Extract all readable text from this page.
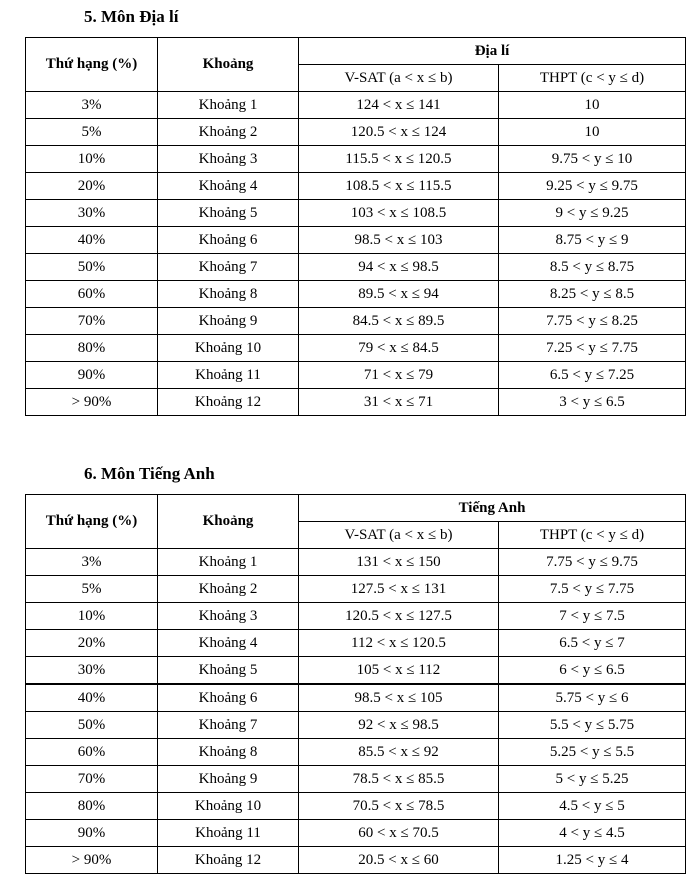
5. Môn Địa lí
Thứ hạng (%)	Khoảng	Địa lí	
		V-SAT (a < x ≤ b)	THPT (c < y ≤ d)
3%	Khoảng 1	124 < x ≤ 141	10
5%	Khoảng 2	120.5 < x ≤ 124	10
10%	Khoảng 3	115.5 < x ≤ 120.5	9.75 < y ≤ 10
20%	Khoảng 4	108.5 < x ≤ 115.5	9.25 < y ≤ 9.75
30%	Khoảng 5	103 < x ≤ 108.5	9 < y ≤ 9.25
40%	Khoảng 6	98.5 < x ≤ 103	8.75 < y ≤ 9
50%	Khoảng 7	94 < x ≤ 98.5	8.5 < y ≤ 8.75
60%	Khoảng 8	89.5 < x ≤ 94	8.25 < y ≤ 8.5
70%	Khoảng 9	84.5 < x ≤ 89.5	7.75 < y ≤ 8.25
80%	Khoảng 10	79 < x ≤ 84.5	7.25 < y ≤ 7.75
90%	Khoảng 11	71 < x ≤ 79	6.5 < y ≤ 7.25
> 90%	Khoảng 12	31 < x ≤ 71	3 < y ≤ 6.5
6. Môn Tiếng Anh
Thứ hạng (%)	Khoảng	Tiếng Anh	
		V-SAT (a < x ≤ b)	THPT (c < y ≤ d)
3%	Khoảng 1	131 < x ≤ 150	7.75 < y ≤ 9.75
5%	Khoảng 2	127.5 < x ≤ 131	7.5 < y ≤ 7.75
10%	Khoảng 3	120.5 < x ≤ 127.5	7 < y ≤ 7.5
20%	Khoảng 4	112 < x ≤ 120.5	6.5 < y ≤ 7
30%	Khoảng 5	105 < x ≤ 112	6 < y ≤ 6.5
40%	Khoảng 6	98.5 < x ≤ 105	5.75 < y ≤ 6
50%	Khoảng 7	92 < x ≤ 98.5	5.5 < y ≤ 5.75
60%	Khoảng 8	85.5 < x ≤ 92	5.25 < y ≤ 5.5
70%	Khoảng 9	78.5 < x ≤ 85.5	5 < y ≤ 5.25
80%	Khoảng 10	70.5 < x ≤ 78.5	4.5 < y ≤ 5
90%	Khoảng 11	60 < x ≤ 70.5	4 < y ≤ 4.5
> 90%	Khoảng 12	20.5 < x ≤ 60	1.25 < y ≤ 4
